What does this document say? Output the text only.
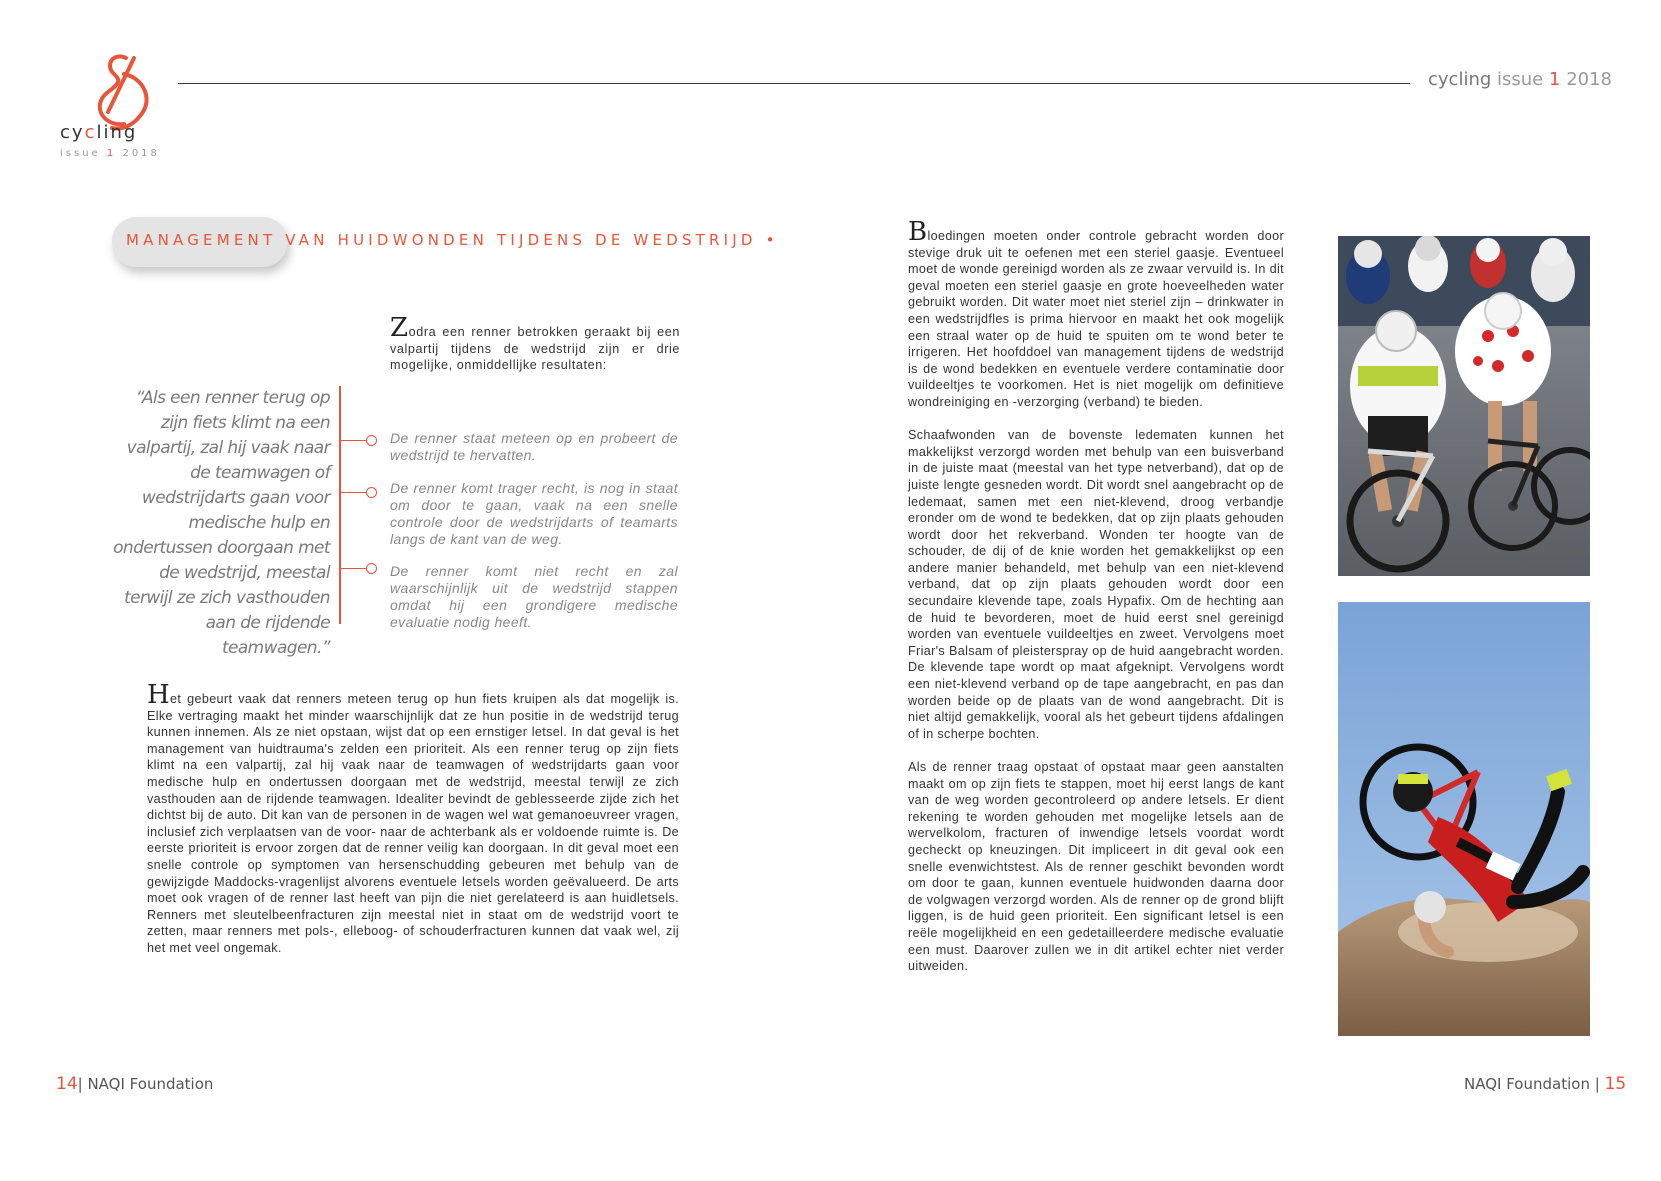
cycling
issue 1 2018
cycling issue 1 2018
MANAGEMENT VAN HUIDWONDEN TIJDENS DE WEDSTRIJD •
Zodra een renner betrokken geraakt bij een valpartij tijdens de wedstrijd zijn er drie mogelijke, onmiddellijke resultaten:
“Als een renner terug op zijn fiets klimt na een valpartij, zal hij vaak naar de teamwagen of wedstrijdarts gaan voor medische hulp en ondertussen doorgaan met de wedstrijd, meestal terwijl ze zich vasthouden aan de rijdende teamwagen.”
De renner staat meteen op en probeert de wedstrijd te hervatten.
De renner komt trager recht, is nog in staat om door te gaan, vaak na een snelle controle door de wedstrijdarts of teamarts langs de kant van de weg.
De renner komt niet recht en zal waarschijnlijk uit de wedstrijd stappen omdat hij een grondigere medische evaluatie nodig heeft.
Het gebeurt vaak dat renners meteen terug op hun fiets kruipen als dat mogelijk is. Elke vertraging maakt het minder waarschijnlijk dat ze hun positie in de wedstrijd terug kunnen innemen. Als ze niet opstaan, wijst dat op een ernstiger letsel. In dat geval is het management van huidtrauma's zelden een prioriteit. Als een renner terug op zijn fiets klimt na een valpartij, zal hij vaak naar de teamwagen of wedstrijdarts gaan voor medische hulp en ondertussen doorgaan met de wedstrijd, meestal terwijl ze zich vasthouden aan de rijdende teamwagen. Idealiter bevindt de geblesseerde zijde zich het dichtst bij de auto. Dit kan van de personen in de wagen wel wat gemanoeuvreer vragen, inclusief zich verplaatsen van de voor- naar de achterbank als er voldoende ruimte is. De eerste prioriteit is ervoor zorgen dat de renner veilig kan doorgaan. In dit geval moet een snelle controle op symptomen van hersenschudding gebeuren met behulp van de gewijzigde Maddocks-vragenlijst alvorens eventuele letsels worden geëvalueerd. De arts moet ook vragen of de renner last heeft van pijn die niet gerelateerd is aan huidletsels. Renners met sleutelbeenfracturen zijn meestal niet in staat om de wedstrijd voort te zetten, maar renners met pols-, elleboog- of schouderfracturen kunnen dat vaak wel, zij het met veel ongemak.

Bloedingen moeten onder controle gebracht worden door stevige druk uit te oefenen met een steriel gaasje. Eventueel moet de wonde gereinigd worden als ze zwaar vervuild is. In dit geval moeten een steriel gaasje en grote hoeveelheden water gebruikt worden. Dit water moet niet steriel zijn – drinkwater in een wedstrijdfles is prima hiervoor en maakt het ook mogelijk een straal water op de huid te spuiten om te wond beter te irrigeren. Het hoofddoel van management tijdens de wedstrijd is de wond bedekken en eventuele verdere contaminatie door vuildeeltjes te voorkomen. Het is niet mogelijk om definitieve wondreiniging en -verzorging (verband) te bieden.

Schaafwonden van de bovenste ledematen kunnen het makkelijkst verzorgd worden met behulp van een buisverband in de juiste maat (meestal van het type netverband), dat op de juiste lengte gesneden wordt. Dit wordt snel aangebracht op de ledemaat, samen met een niet-klevend, droog verbandje eronder om de wond te bedekken, dat op zijn plaats gehouden wordt door het rekverband. Wonden ter hoogte van de schouder, de dij of de knie worden het gemakkelijkst op een andere manier behandeld, met behulp van een niet-klevend verband, dat op zijn plaats gehouden wordt door een secundaire klevende tape, zoals Hypafix. Om de hechting aan de huid te bevorderen, moet de huid eerst snel gereinigd worden van eventuele vuildeeltjes en zweet. Vervolgens moet Friar's Balsam of pleisterspray op de huid aangebracht worden. De klevende tape wordt op maat afgeknipt. Vervolgens wordt een niet-klevend verband op de tape aangebracht, en pas dan worden beide op de plaats van de wond aangebracht. Dit is niet altijd gemakkelijk, vooral als het gebeurt tijdens afdalingen of in scherpe bochten.

Als de renner traag opstaat of opstaat maar geen aanstalten maakt om op zijn fiets te stappen, moet hij eerst langs de kant van de weg worden gecontroleerd op andere letsels. Er dient rekening te worden gehouden met mogelijke letsels aan de wervelkolom, fracturen of inwendige letsels voordat wordt gecheckt op kneuzingen. Dit impliceert in dit geval ook een snelle evenwichtstest. Als de renner geschikt bevonden wordt om door te gaan, kunnen eventuele huidwonden daarna door de volgwagen verzorgd worden. Als de renner op de grond blijft liggen, is de huid geen prioriteit. Een significant letsel is een reële mogelijkheid en een gedetailleerdere medische evaluatie een must. Daarover zullen we in dit artikel echter niet verder uitweiden.

14| NAQI Foundation	NAQI Foundation | 15
